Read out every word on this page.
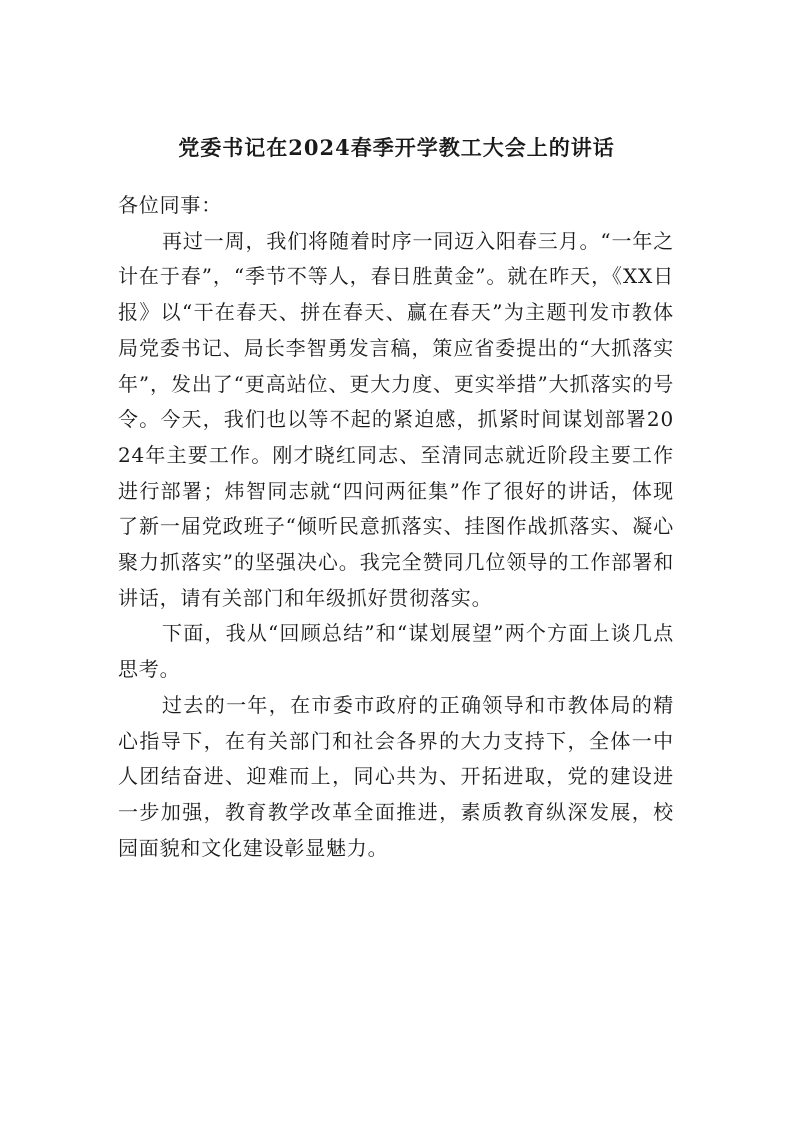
党委书记在2024春季开学教工大会上的讲话

各位同事：

再过一周，我们将随着时序一同迈入阳春三月。“一年之计在于春”，“季节不等人，春日胜黄金”。就在昨天，《XX日报》以“干在春天、拼在春天、赢在春天”为主题刊发市教体局党委书记、局长李智勇发言稿，策应省委提出的“大抓落实年”，发出了“更高站位、更大力度、更实举措”大抓落实的号令。今天，我们也以等不起的紧迫感，抓紧时间谋划部署2024年主要工作。刚才晓红同志、至清同志就近阶段主要工作进行部署；炜智同志就“四问两征集”作了很好的讲话，体现了新一届党政班子“倾听民意抓落实、挂图作战抓落实、凝心聚力抓落实”的坚强决心。我完全赞同几位领导的工作部署和讲话，请有关部门和年级抓好贯彻落实。

下面，我从“回顾总结”和“谋划展望”两个方面上谈几点思考。

过去的一年，在市委市政府的正确领导和市教体局的精心指导下，在有关部门和社会各界的大力支持下，全体一中人团结奋进、迎难而上，同心共为、开拓进取，党的建设进一步加强，教育教学改革全面推进，素质教育纵深发展，校园面貌和文化建设彰显魅力。
